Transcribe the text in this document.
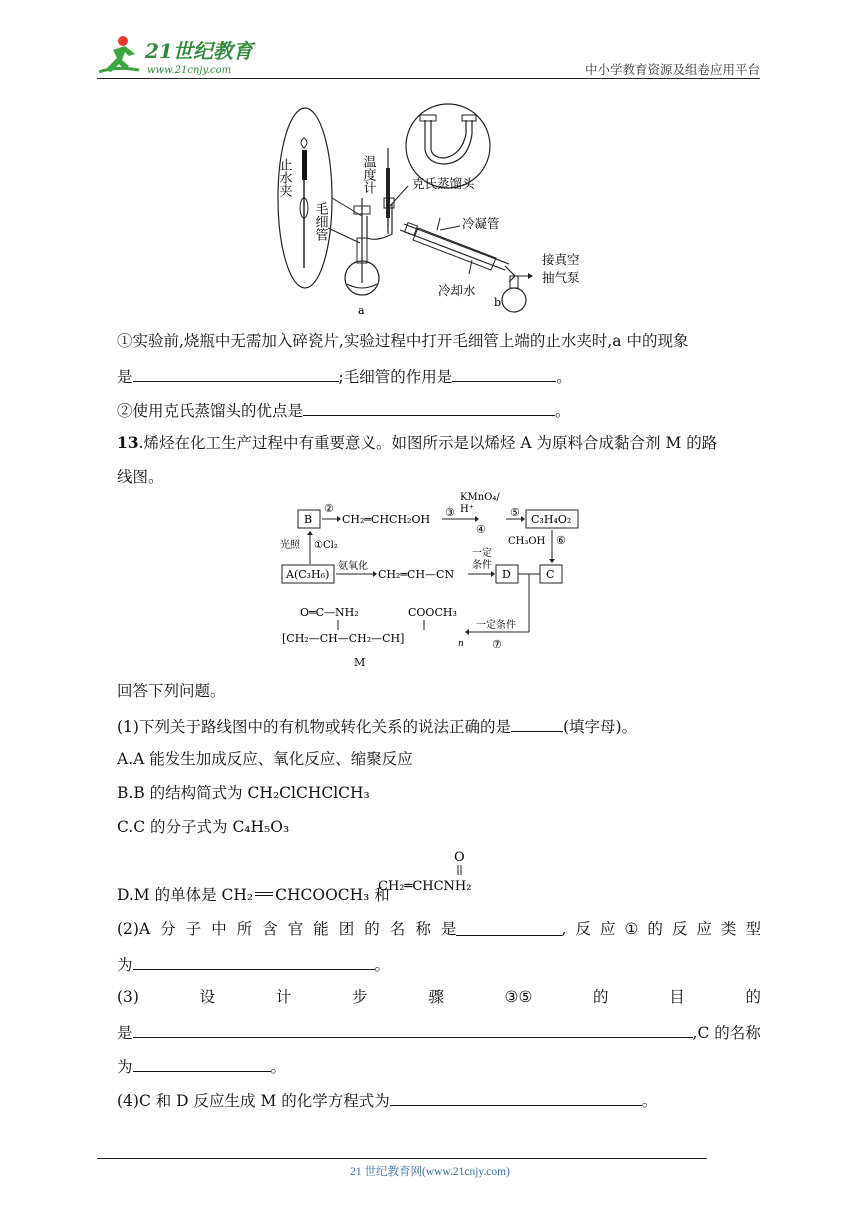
21世纪教育
www.21cnjy.com	中小学教育资源及组卷应用平台
止水夹
毛细管
温度计	克氏蒸馏头
a
冷凝管
冷却水
b
接真空
抽气泵
①实验前,烧瓶中无需加入碎瓷片,实验过程中打开毛细管上端的止水夹时,a 中的现象
是	;毛细管的作用是	。
②使用克氏蒸馏头的优点是	。
13.烯烃在化工生产过程中有重要意义。如图所示是以烯烃 A 为原料合成黏合剂 M 的路
线图。
B
②
CH₂═CHCH₂OH
③
KMnO₄/
H⁺
④
⑤
C₃H₄O₂
CH₃OH ⑥
光照 ①Cl₂
A(C₃H₆)
氨氧化
CH₂═CH—CN
一定
条件
D	C
一定条件
⑦
O═C—NH₂	COOCH₃
[CH₂—CH—CH₂—CH]	n
M
回答下列问题。
(1)下列关于路线图中的有机物或转化关系的说法正确的是	(填字母)。
A.A 能发生加成反应、氧化反应、缩聚反应
B.B 的结构简式为 CH₂ClCHClCH₃
C.C 的分子式为 C₄H₅O₃
D.M 的单体是 CH₂ CHCOOCH₃ 和
O
CH₂═CHCNH₂
(2)A 分 子 中 所 含 官 能 团 的 名 称 是	, 反 应 ① 的 反 应 类 型
为	。
(3)	设	计	步	骤	③⑤	的	目	的
是	,C 的名称
为	。
(4)C 和 D 反应生成 M 的化学方程式为	。
21 世纪教育网(www.21cnjy.com)
